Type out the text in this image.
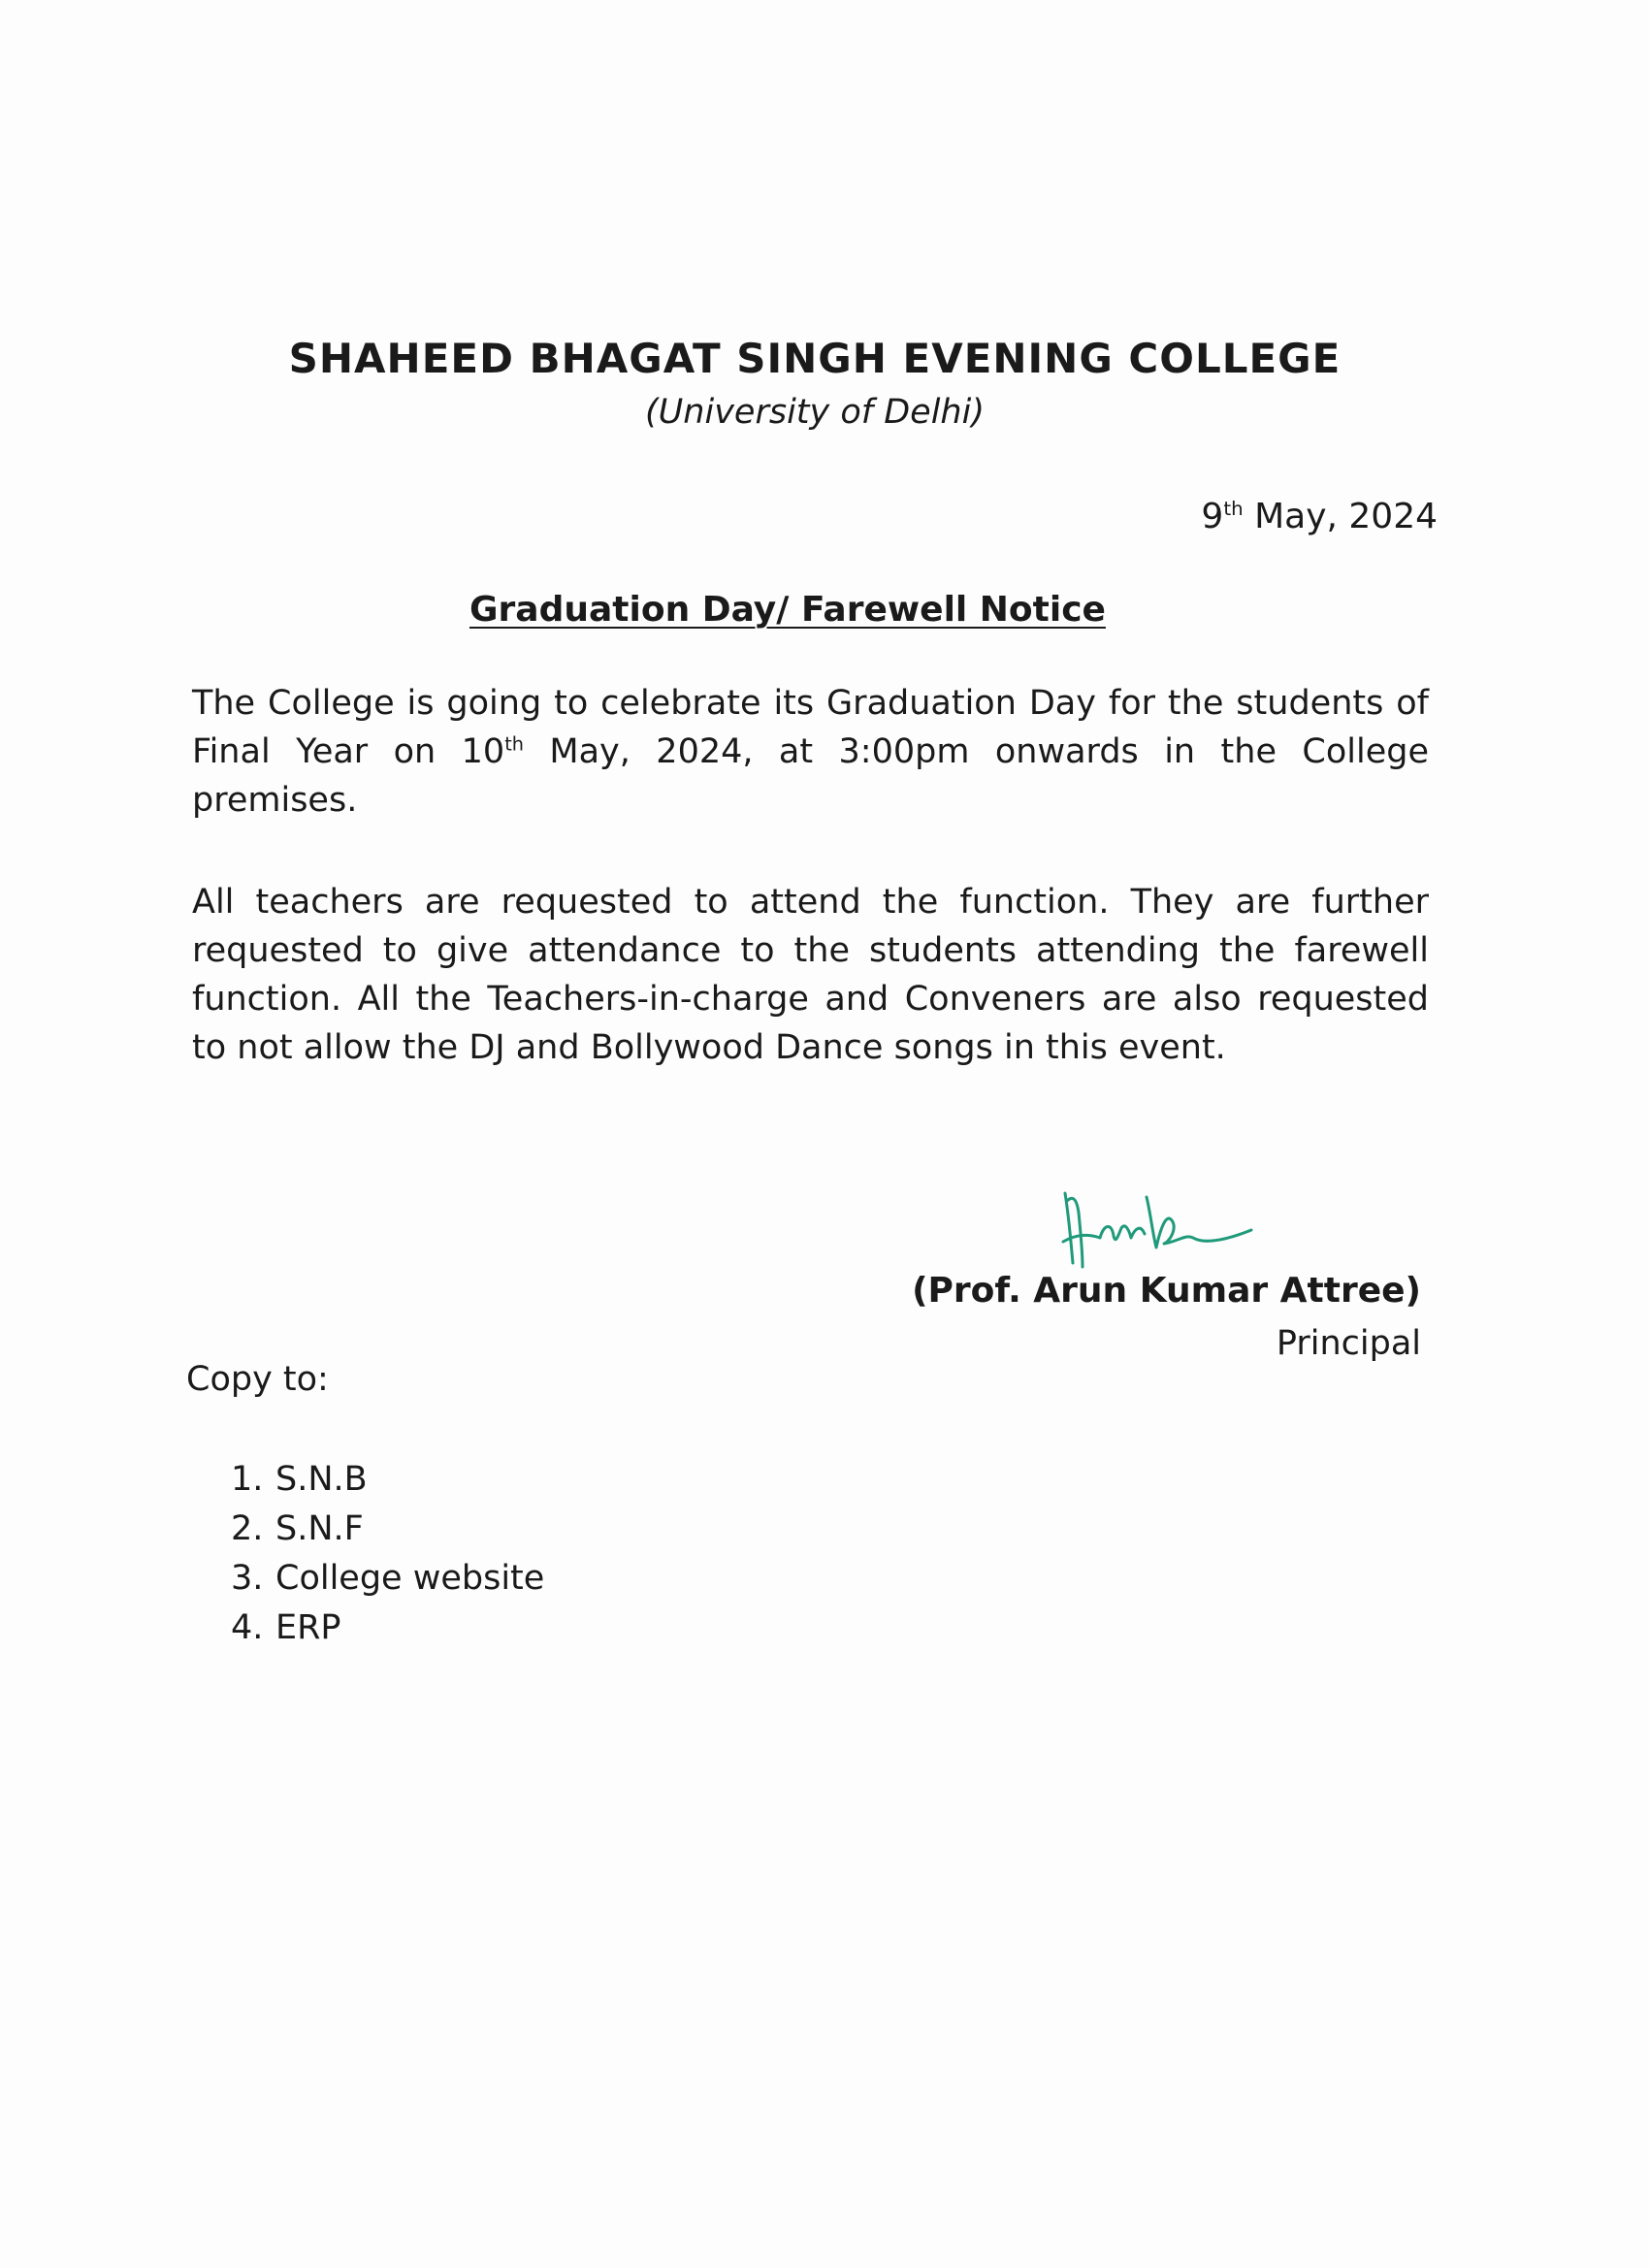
SHAHEED BHAGAT SINGH EVENING COLLEGE
(University of Delhi)
9th May, 2024
Graduation Day/ Farewell Notice

The College is going to celebrate its Graduation Day for the students of Final Year on 10th May, 2024, at 3:00pm onwards in the College premises.

All teachers are requested to attend the function. They are further requested to give attendance to the students attending the farewell function. All the Teachers-in-charge and Conveners are also requested to not allow the DJ and Bollywood Dance songs in this event.

(Prof. Arun Kumar Attree)
Principal
Copy to:
1. S.N.B
2. S.N.F
3. College website
4. ERP
